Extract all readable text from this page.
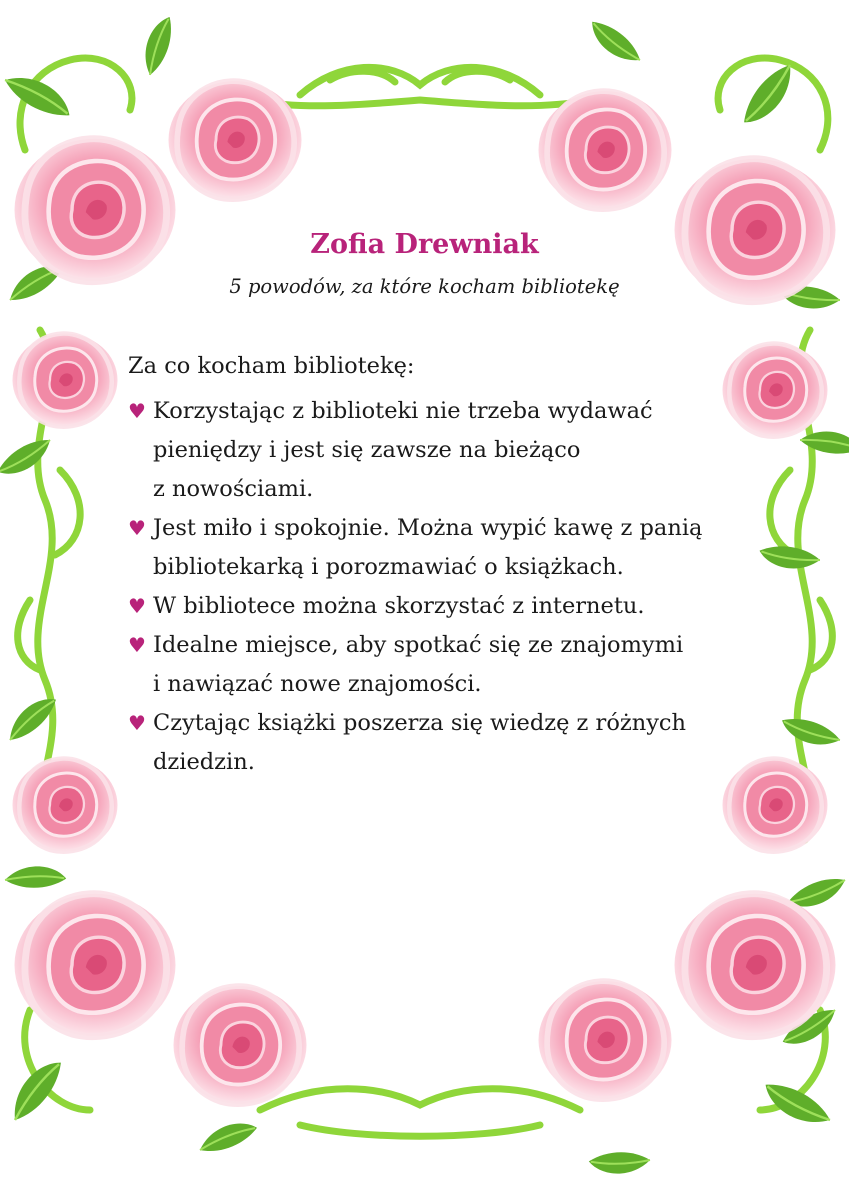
Zofia Drewniak
5 powodów, za które kocham bibliotekę
Za co kocham bibliotekę:
♥ Korzystając z biblioteki nie trzeba wydawać
pieniędzy i jest się zawsze na bieżąco
z nowościami.
♥ Jest miło i spokojnie. Można wypić kawę z panią
bibliotekarką i porozmawiać o książkach.
♥ W bibliotece można skorzystać z internetu.
♥ Idealne miejsce, aby spotkać się ze znajomymi
i nawiązać nowe znajomości.
♥ Czytając książki poszerza się wiedzę z różnych
dziedzin.
